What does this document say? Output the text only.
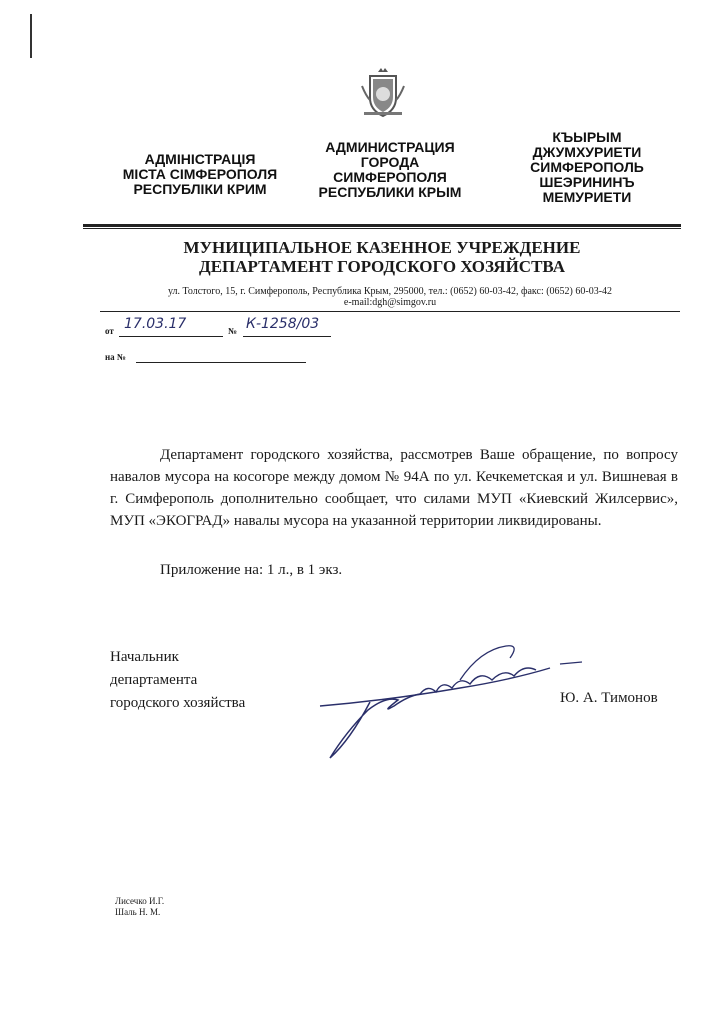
АДМІНІСТРАЦІЯ
МІСТА СІМФЕРОПОЛЯ
РЕСПУБЛІКИ КРИМ
АДМИНИСТРАЦИЯ
ГОРОДА
СИМФЕРОПОЛЯ
РЕСПУБЛИКИ КРЫМ
КЪЫРЫМ
ДЖУМХУРИЕТИ
СИМФЕРОПОЛЬ
ШЕЭРИНИНЪ
МЕМУРИЕТИ
МУНИЦИПАЛЬНОЕ КАЗЕННОЕ УЧРЕЖДЕНИЕ
ДЕПАРТАМЕНТ ГОРОДСКОГО ХОЗЯЙСТВА
ул. Толстого, 15, г. Симферополь, Республика Крым, 295000, тел.: (0652) 60-03-42, факс: (0652) 60-03-42
e-mail:dgh@simgov.ru
от 17.03.17	№ К-1258/03
на №

Департамент городского хозяйства, рассмотрев Ваше обращение, по вопросу навалов мусора на косогоре между домом № 94А по ул. Кечкеметская и ул. Вишневая в г. Симферополь дополнительно сообщает, что силами МУП «Киевский Жилсервис», МУП «ЭКОГРАД» навалы мусора на указанной территории ликвидированы.

Приложение на: 1 л., в 1 экз.
Начальник
департамента
городского хозяйства	Ю. А. Тимонов
Лисечко И.Г.
Шаль Н. М.
